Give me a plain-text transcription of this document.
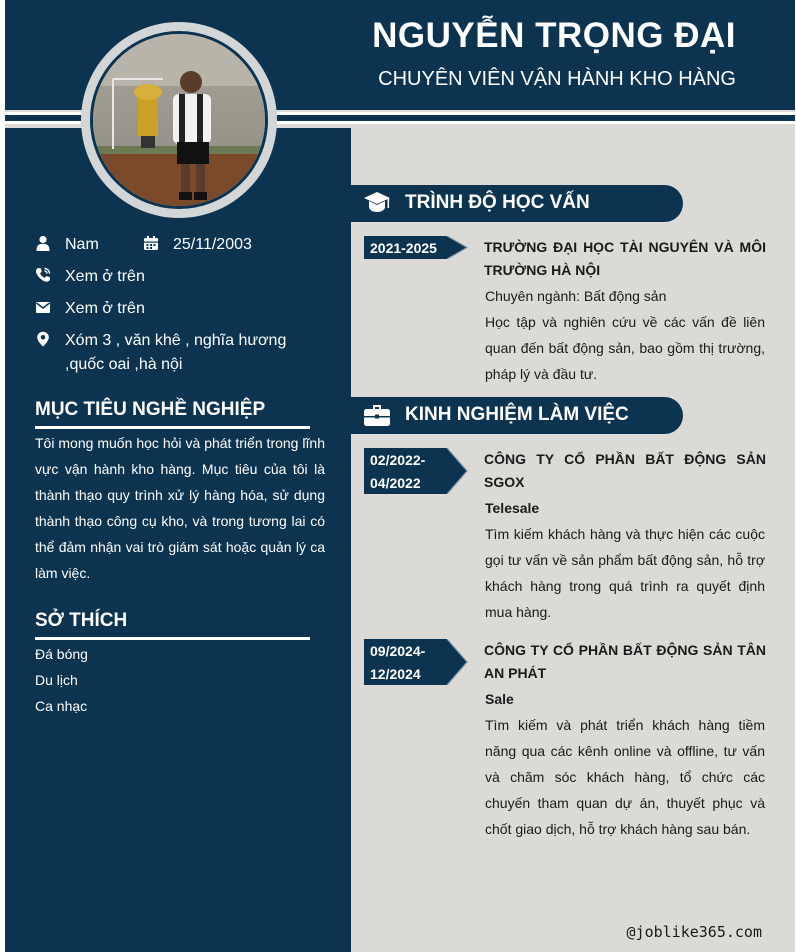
NGUYỄN TRỌNG ĐẠI
CHUYÊN VIÊN VẬN HÀNH KHO HÀNG
Nam	25/11/2003
Xem ở trên
Xem ở trên
Xóm 3 , văn khê , nghĩa hương ,quốc oai ,hà nội
MỤC TIÊU NGHỀ NGHIỆP
Tôi mong muốn học hỏi và phát triển trong lĩnh vực vận hành kho hàng. Mục tiêu của tôi là thành thạo quy trình xử lý hàng hóa, sử dụng thành thạo công cụ kho, và trong tương lai có thể đảm nhận vai trò giám sát hoặc quản lý ca làm việc.
SỞ THÍCH
Đá bóng
Du lịch
Ca nhạc
TRÌNH ĐỘ HỌC VẤN
2021-2025	TRƯỜNG ĐẠI HỌC TÀI NGUYÊN VÀ MÔI TRƯỜNG HÀ NỘI
Chuyên ngành: Bất động sản
Học tập và nghiên cứu về các vấn đề liên quan đến bất động sản, bao gồm thị trường, pháp lý và đầu tư.
KINH NGHIỆM LÀM VIỆC
02/2022-
04/2022
CÔNG TY CỔ PHẦN BẤT ĐỘNG SẢN SGOX
Telesale
Tìm kiếm khách hàng và thực hiện các cuộc gọi tư vấn về sản phẩm bất động sản, hỗ trợ khách hàng trong quá trình ra quyết định mua hàng.
09/2024-
12/2024
CÔNG TY CỔ PHẦN BẤT ĐỘNG SẢN TÂN AN PHÁT
Sale
Tìm kiếm và phát triển khách hàng tiềm năng qua các kênh online và offline, tư vấn và chăm sóc khách hàng, tổ chức các chuyến tham quan dự án, thuyết phục và chốt giao dịch, hỗ trợ khách hàng sau bán.
@joblike365.com
